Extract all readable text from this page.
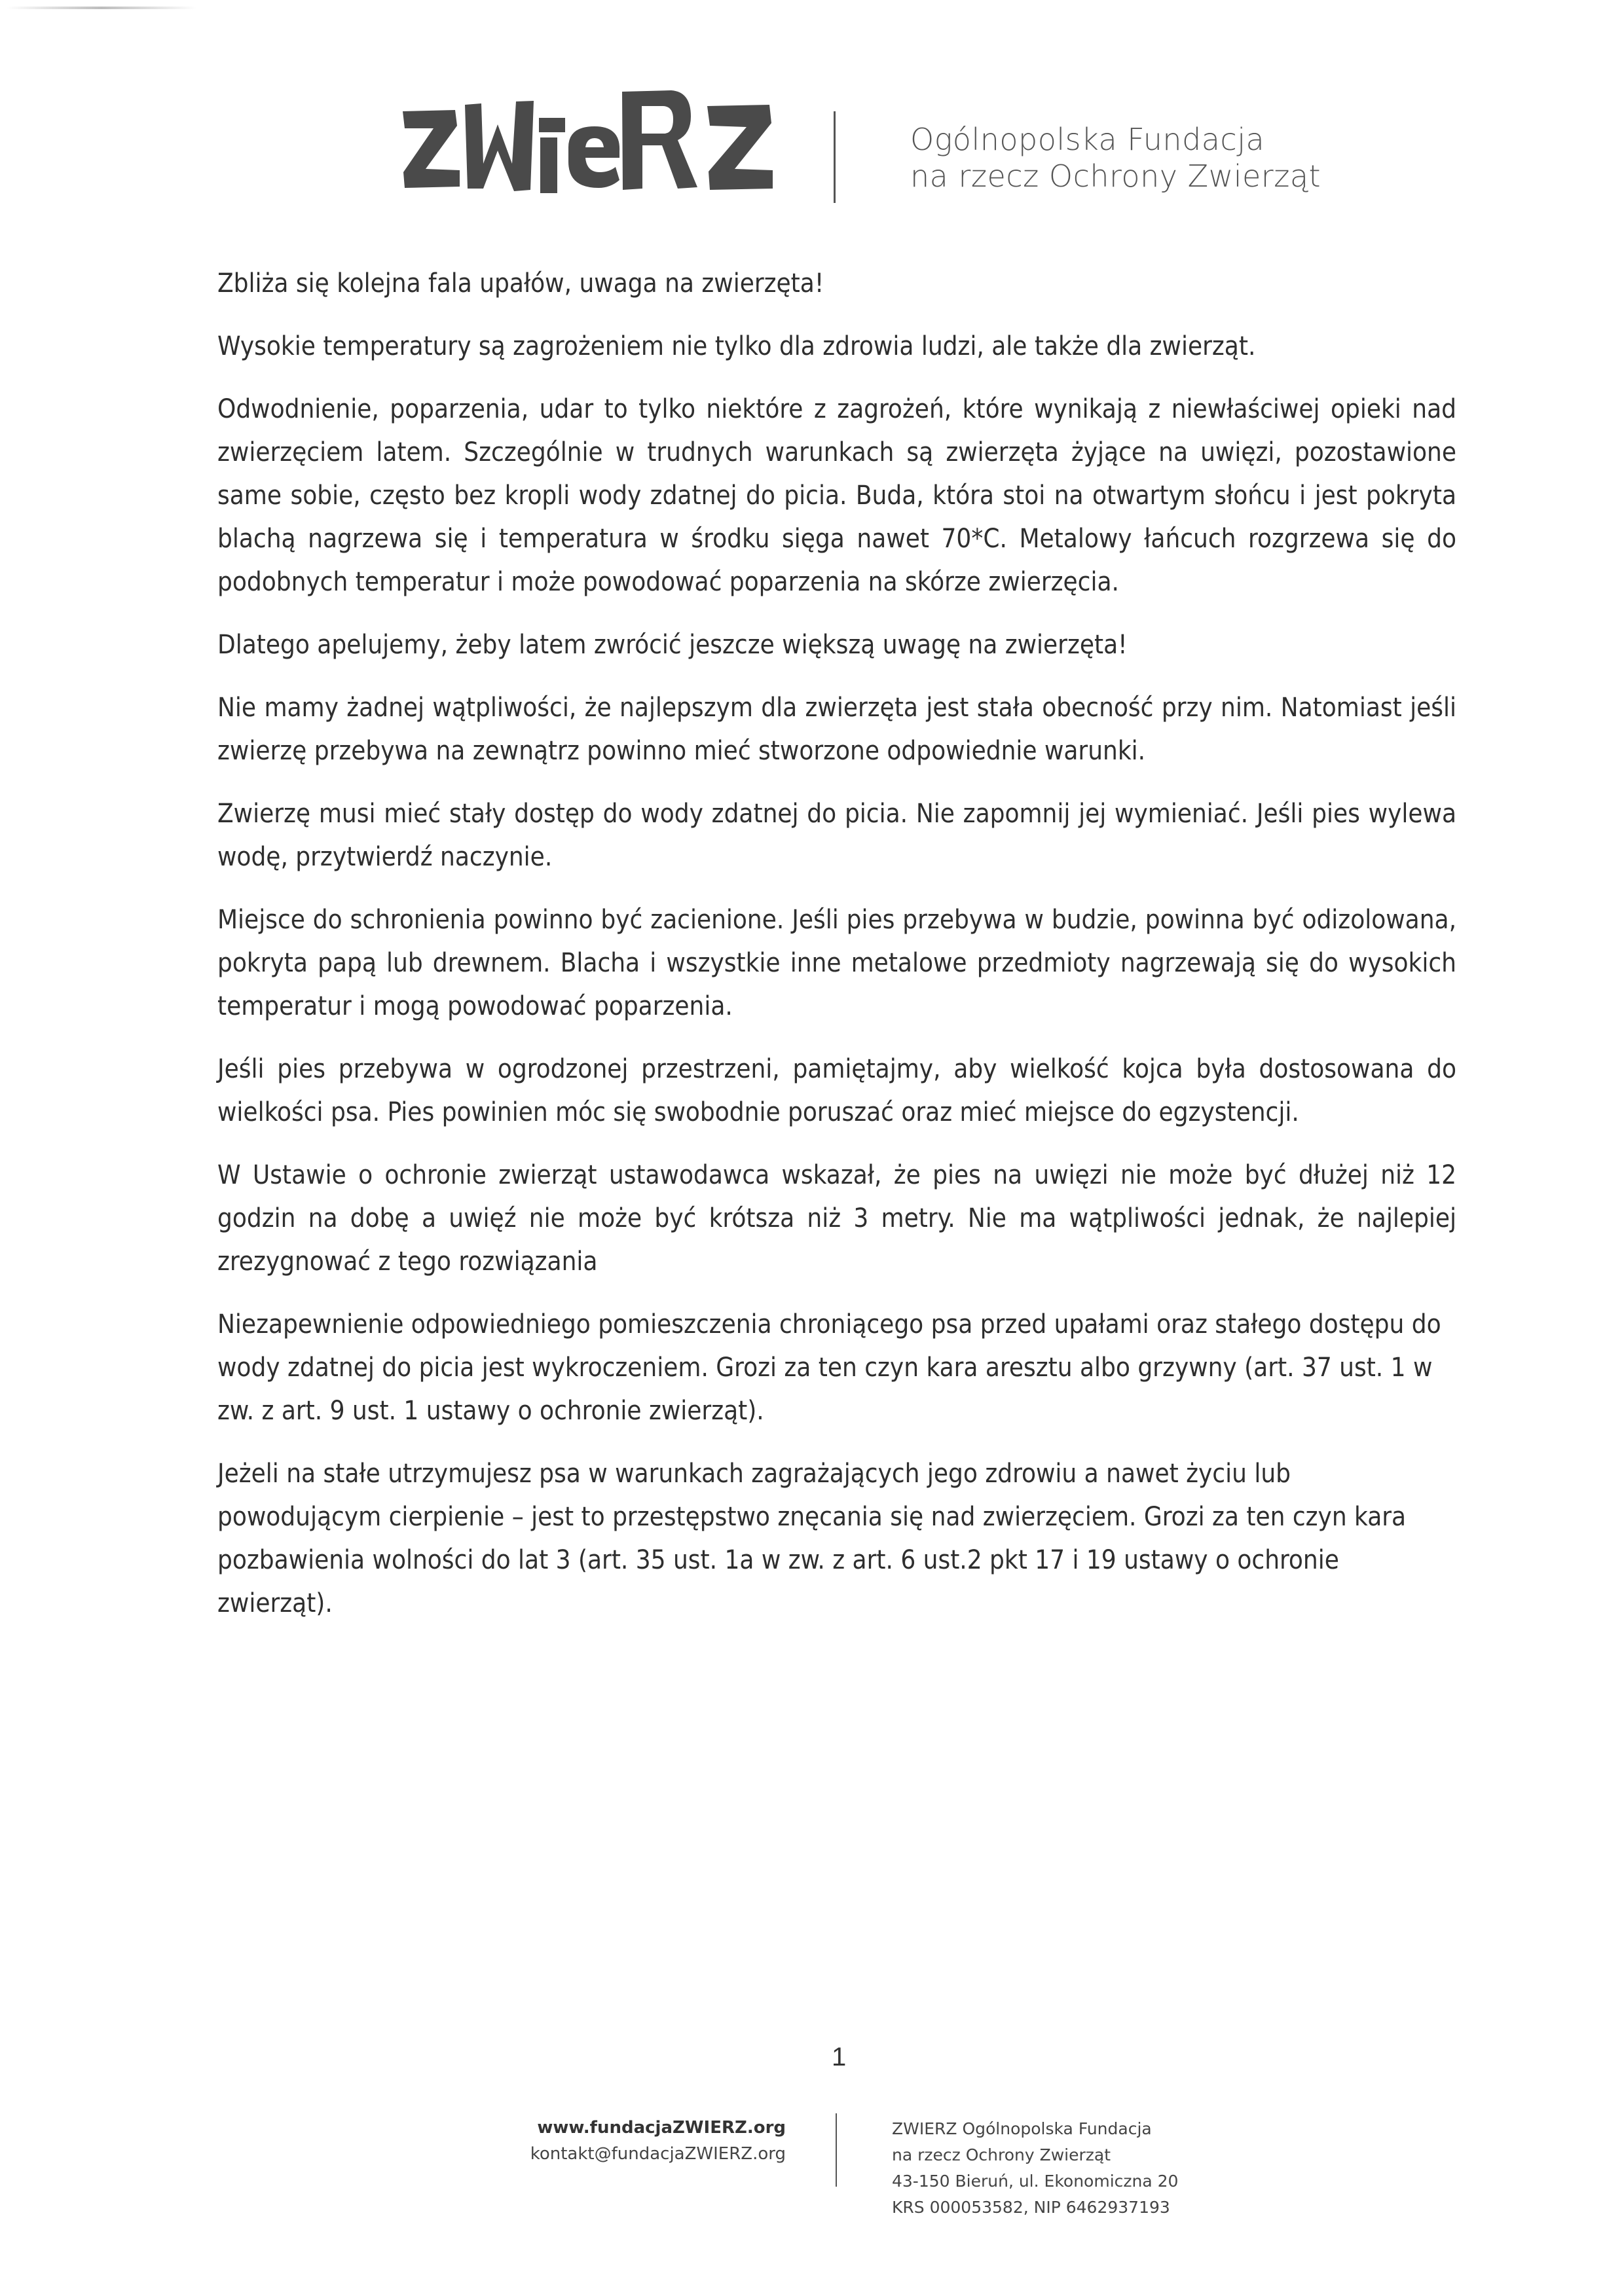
Ogólnopolska Fundacja
na rzecz Ochrony Zwierząt

Zbliża się kolejna fala upałów, uwaga na zwierzęta!

Wysokie temperatury są zagrożeniem nie tylko dla zdrowia ludzi, ale także dla zwierząt.

Odwodnienie, poparzenia, udar to tylko niektóre z zagrożeń, które wynikają z niewłaściwej opieki nad zwierzęciem latem. Szczególnie w trudnych warunkach są zwierzęta żyjące na uwięzi, pozostawione same sobie, często bez kropli wody zdatnej do picia. Buda, która stoi na otwartym słońcu i jest pokryta blachą nagrzewa się i temperatura w środku sięga nawet 70*C. Metalowy łańcuch rozgrzewa się do podobnych temperatur i może powodować poparzenia na skórze zwierzęcia.

Dlatego apelujemy, żeby latem zwrócić jeszcze większą uwagę na zwierzęta!

Nie mamy żadnej wątpliwości, że najlepszym dla zwierzęta jest stała obecność przy nim. Natomiast jeśli zwierzę przebywa na zewnątrz powinno mieć stworzone odpowiednie warunki.

Zwierzę musi mieć stały dostęp do wody zdatnej do picia. Nie zapomnij jej wymieniać. Jeśli pies wylewa wodę, przytwierdź naczynie.

Miejsce do schronienia powinno być zacienione. Jeśli pies przebywa w budzie, powinna być odizolowana, pokryta papą lub drewnem. Blacha i wszystkie inne metalowe przedmioty nagrzewają się do wysokich temperatur i mogą powodować poparzenia.

Jeśli pies przebywa w ogrodzonej przestrzeni, pamiętajmy, aby wielkość kojca była dostosowana do wielkości psa. Pies powinien móc się swobodnie poruszać oraz mieć miejsce do egzystencji.

W Ustawie o ochronie zwierząt ustawodawca wskazał, że pies na uwięzi nie może być dłużej niż 12 godzin na dobę a uwięź nie może być krótsza niż 3 metry. Nie ma wątpliwości jednak, że najlepiej zrezygnować z tego rozwiązania

Niezapewnienie odpowiedniego pomieszczenia chroniącego psa przed upałami oraz stałego dostępu do wody zdatnej do picia jest wykroczeniem. Grozi za ten czyn kara aresztu albo grzywny (art. 37 ust. 1 w zw. z art. 9 ust. 1 ustawy o ochronie zwierząt).

Jeżeli na stałe utrzymujesz psa w warunkach zagrażających jego zdrowiu a nawet życiu lub powodującym cierpienie – jest to przestępstwo znęcania się nad zwierzęciem. Grozi za ten czyn kara pozbawienia wolności do lat 3 (art. 35 ust. 1a w zw. z art. 6 ust.2 pkt 17 i 19 ustawy o ochronie zwierząt).

1
www.fundacjaZWIERZ.org
kontakt@fundacjaZWIERZ.org
ZWIERZ Ogólnopolska Fundacja
na rzecz Ochrony Zwierząt
43-150 Bieruń, ul. Ekonomiczna 20
KRS 000053582, NIP 6462937193
